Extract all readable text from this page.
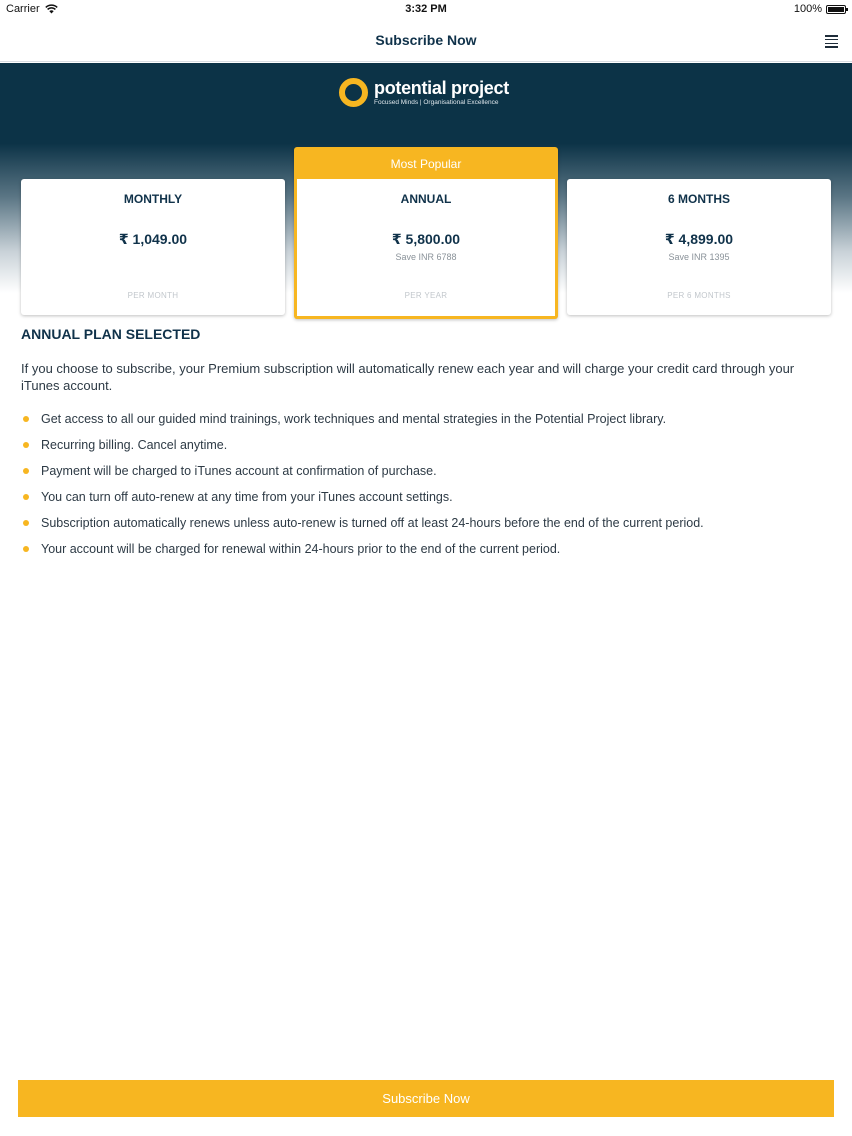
Carrier	3:32 PM	100%
Subscribe Now
potential project
Focused Minds | Organisational Excellence
MONTHLY
₹ 1,049.00
PER MONTH
Most Popular
ANNUAL
₹ 5,800.00
Save INR 6788
PER YEAR
6 MONTHS
₹ 4,899.00
Save INR 1395
PER 6 MONTHS
ANNUAL PLAN SELECTED

If you choose to subscribe, your Premium subscription will automatically renew each year and will charge your credit card through your iTunes account.

Get access to all our guided mind trainings, work techniques and mental strategies in the Potential Project library.
Recurring billing. Cancel anytime.
Payment will be charged to iTunes account at confirmation of purchase.
You can turn off auto-renew at any time from your iTunes account settings.
Subscription automatically renews unless auto-renew is turned off at least 24-hours before the end of the current period.
Your account will be charged for renewal within 24-hours prior to the end of the current period.
Subscribe Now
